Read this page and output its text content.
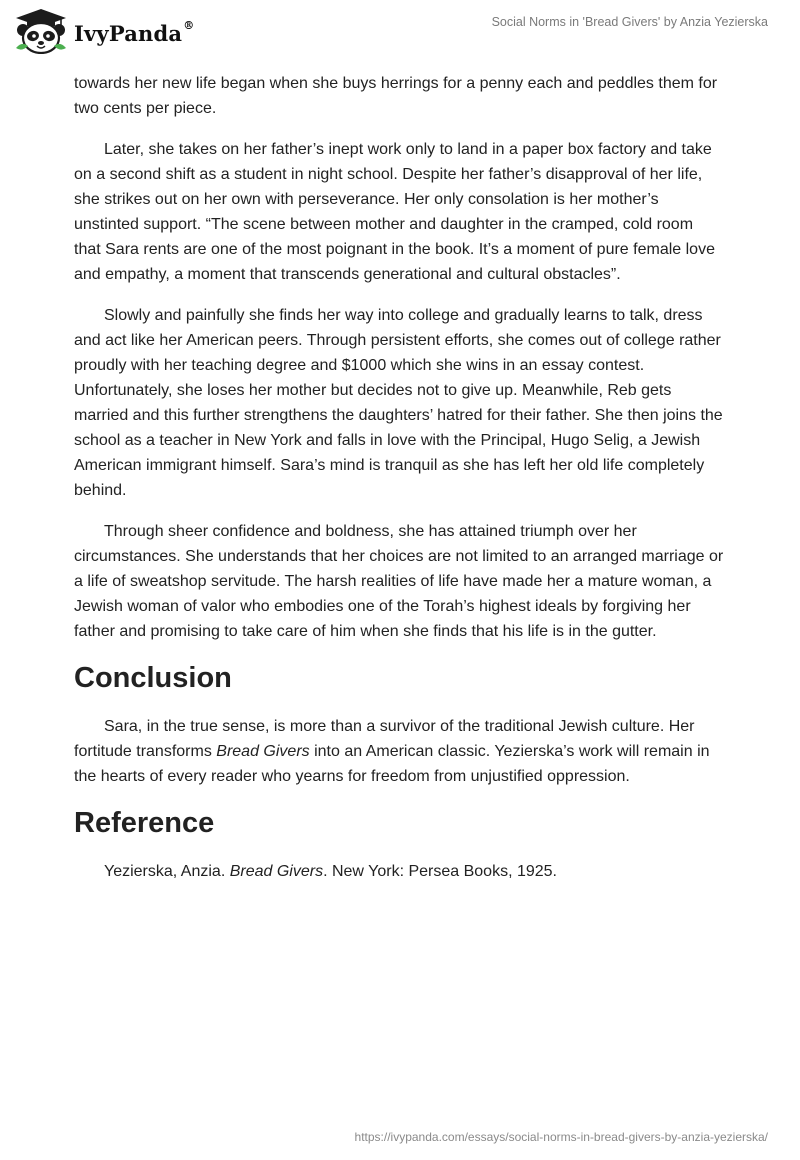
IvyPanda®	Social Norms in 'Bread Givers' by Anzia Yezierska

towards her new life began when she buys herrings for a penny each and peddles them for two cents per piece.

Later, she takes on her father’s inept work only to land in a paper box factory and take on a second shift as a student in night school. Despite her father’s disapproval of her life, she strikes out on her own with perseverance. Her only consolation is her mother’s unstinted support. “The scene between mother and daughter in the cramped, cold room that Sara rents are one of the most poignant in the book. It’s a moment of pure female love and empathy, a moment that transcends generational and cultural obstacles”.

Slowly and painfully she finds her way into college and gradually learns to talk, dress and act like her American peers. Through persistent efforts, she comes out of college rather proudly with her teaching degree and $1000 which she wins in an essay contest. Unfortunately, she loses her mother but decides not to give up. Meanwhile, Reb gets married and this further strengthens the daughters’ hatred for their father. She then joins the school as a teacher in New York and falls in love with the Principal, Hugo Selig, a Jewish American immigrant himself. Sara’s mind is tranquil as she has left her old life completely behind.

Through sheer confidence and boldness, she has attained triumph over her circumstances. She understands that her choices are not limited to an arranged marriage or a life of sweatshop servitude. The harsh realities of life have made her a mature woman, a Jewish woman of valor who embodies one of the Torah’s highest ideals by forgiving her father and promising to take care of him when she finds that his life is in the gutter.

Conclusion

Sara, in the true sense, is more than a survivor of the traditional Jewish culture. Her fortitude transforms Bread Givers into an American classic. Yezierska’s work will remain in the hearts of every reader who yearns for freedom from unjustified oppression.

Reference

Yezierska, Anzia. Bread Givers. New York: Persea Books, 1925.

https://ivypanda.com/essays/social-norms-in-bread-givers-by-anzia-yezierska/
